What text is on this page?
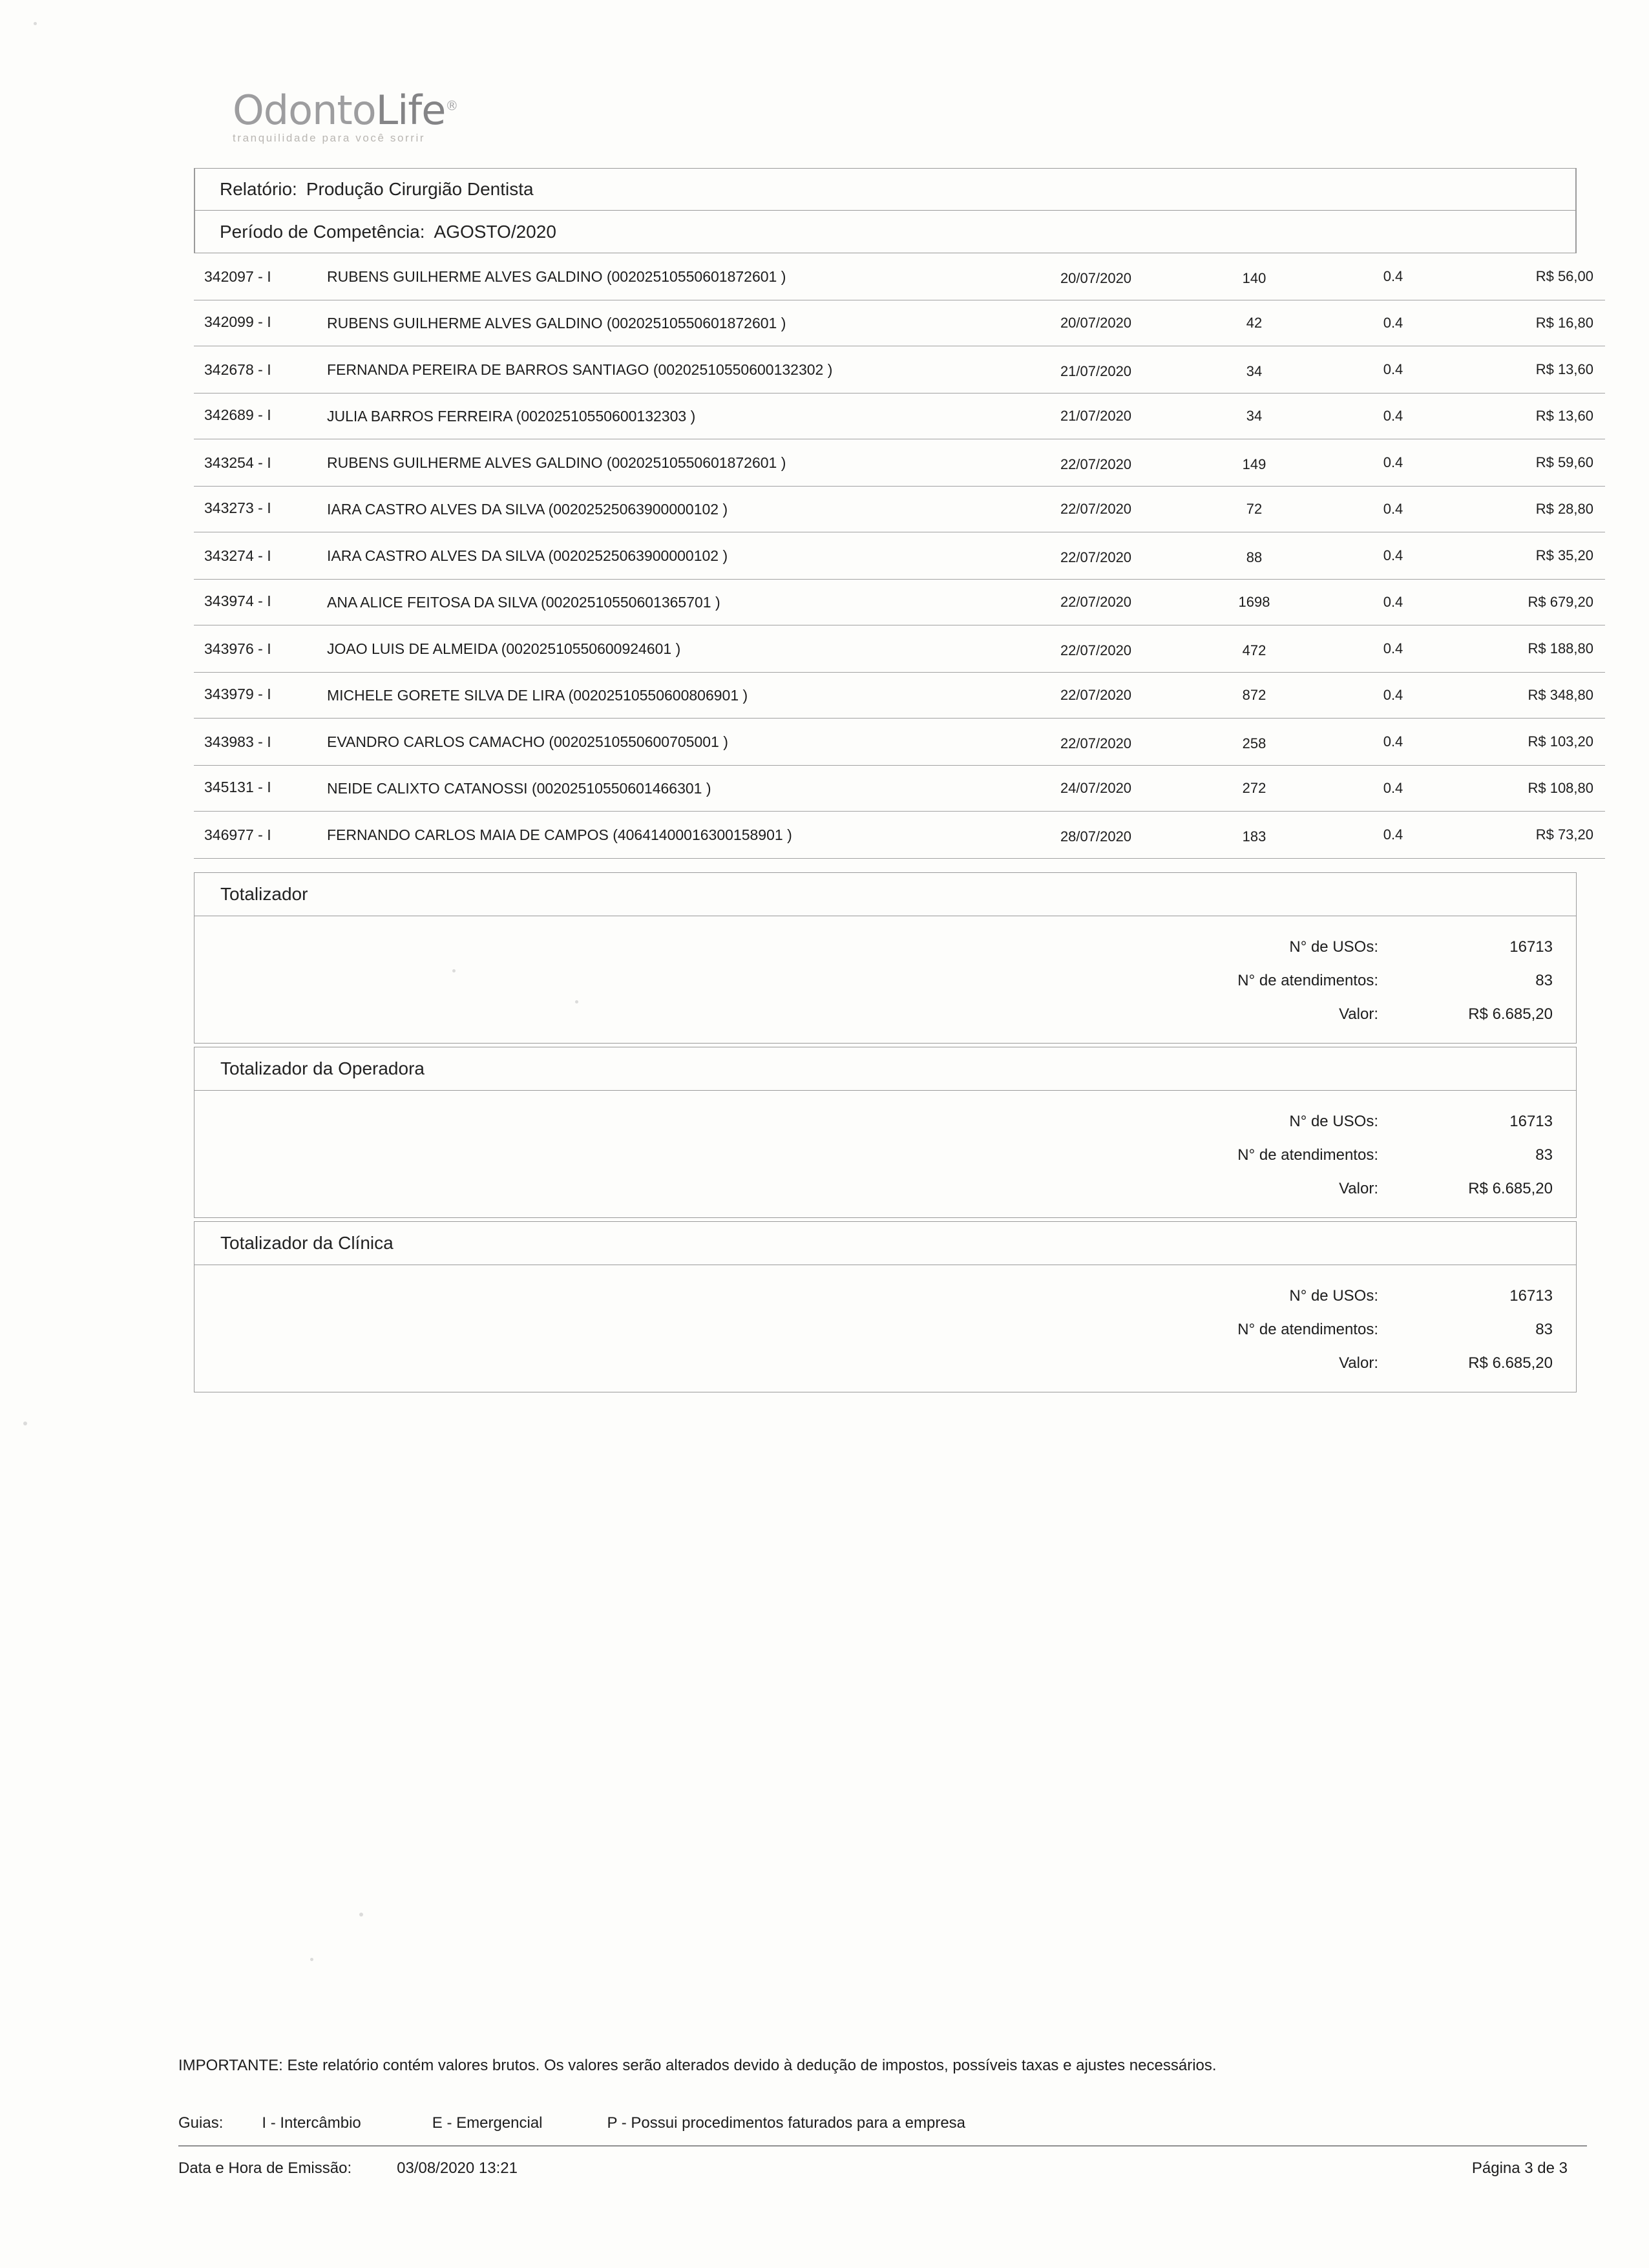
OdontoLife®
tranquilidade para você sorrir
Relatório: Produção Cirurgião Dentista
Período de Competência: AGOSTO/2020
342097 - I	RUBENS GUILHERME ALVES GALDINO (00202510550601872601 )	20/07/2020	140	0.4	R$ 56,00
342099 - I	RUBENS GUILHERME ALVES GALDINO (00202510550601872601 )	20/07/2020	42	0.4	R$ 16,80
342678 - I	FERNANDA PEREIRA DE BARROS SANTIAGO (00202510550600132302 )	21/07/2020	34	0.4	R$ 13,60
342689 - I	JULIA BARROS FERREIRA (00202510550600132303 )	21/07/2020	34	0.4	R$ 13,60
343254 - I	RUBENS GUILHERME ALVES GALDINO (00202510550601872601 )	22/07/2020	149	0.4	R$ 59,60
343273 - I	IARA CASTRO ALVES DA SILVA (00202525063900000102 )	22/07/2020	72	0.4	R$ 28,80
343274 - I	IARA CASTRO ALVES DA SILVA (00202525063900000102 )	22/07/2020	88	0.4	R$ 35,20
343974 - I	ANA ALICE FEITOSA DA SILVA (00202510550601365701 )	22/07/2020	1698	0.4	R$ 679,20
343976 - I	JOAO LUIS DE ALMEIDA (00202510550600924601 )	22/07/2020	472	0.4	R$ 188,80
343979 - I	MICHELE GORETE SILVA DE LIRA (00202510550600806901 )	22/07/2020	872	0.4	R$ 348,80
343983 - I	EVANDRO CARLOS CAMACHO (00202510550600705001 )	22/07/2020	258	0.4	R$ 103,20
345131 - I	NEIDE CALIXTO CATANOSSI (00202510550601466301 )	24/07/2020	272	0.4	R$ 108,80
346977 - I	FERNANDO CARLOS MAIA DE CAMPOS (40641400016300158901 )	28/07/2020	183	0.4	R$ 73,20
Totalizador
N° de USOs:	16713
N° de atendimentos:	83
Valor:	R$ 6.685,20
Totalizador da Operadora
N° de USOs:	16713
N° de atendimentos:	83
Valor:	R$ 6.685,20
Totalizador da Clínica
N° de USOs:	16713
N° de atendimentos:	83
Valor:	R$ 6.685,20
IMPORTANTE: Este relatório contém valores brutos. Os valores serão alterados devido à dedução de impostos, possíveis taxas e ajustes necessários.
Guias:	I - Intercâmbio	E - Emergencial	P - Possui procedimentos faturados para a empresa
Data e Hora de Emissão:	03/08/2020 13:21	Página 3 de 3
